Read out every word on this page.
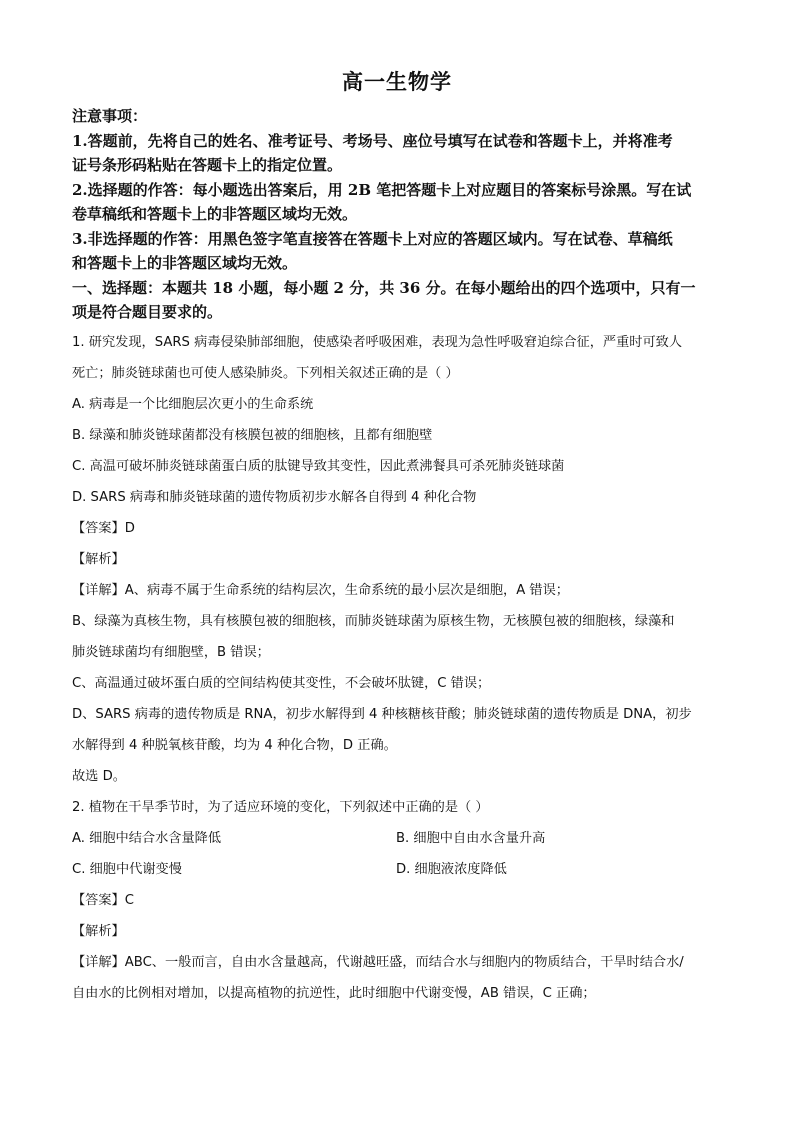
高一生物学

注意事项：

1.答题前，先将自己的姓名、准考证号、考场号、座位号填写在试卷和答题卡上，并将准考

证号条形码粘贴在答题卡上的指定位置。

2.选择题的作答：每小题选出答案后，用 2B 笔把答题卡上对应题目的答案标号涂黑。写在试

卷草稿纸和答题卡上的非答题区域均无效。

3.非选择题的作答：用黑色签字笔直接答在答题卡上对应的答题区域内。写在试卷、草稿纸

和答题卡上的非答题区域均无效。

一、选择题：本题共 18 小题，每小题 2 分，共 36 分。在每小题给出的四个选项中，只有一

项是符合题目要求的。

1. 研究发现，SARS 病毒侵染肺部细胞，使感染者呼吸困难，表现为急性呼吸窘迫综合征，严重时可致人

死亡；肺炎链球菌也可使人感染肺炎。下列相关叙述正确的是（ ）

A. 病毒是一个比细胞层次更小的生命系统

B. 绿藻和肺炎链球菌都没有核膜包被的细胞核，且都有细胞壁

C. 高温可破坏肺炎链球菌蛋白质的肽键导致其变性，因此煮沸餐具可杀死肺炎链球菌

D. SARS 病毒和肺炎链球菌的遗传物质初步水解各自得到 4 种化合物

【答案】D

【解析】

【详解】A、病毒不属于生命系统的结构层次，生命系统的最小层次是细胞，A 错误；

B、绿藻为真核生物，具有核膜包被的细胞核，而肺炎链球菌为原核生物，无核膜包被的细胞核，绿藻和

肺炎链球菌均有细胞壁，B 错误；

C、高温通过破坏蛋白质的空间结构使其变性，不会破坏肽键，C 错误；

D、SARS 病毒的遗传物质是 RNA，初步水解得到 4 种核糖核苷酸；肺炎链球菌的遗传物质是 DNA，初步

水解得到 4 种脱氧核苷酸，均为 4 种化合物，D 正确。

故选 D。

2. 植物在干旱季节时，为了适应环境的变化，下列叙述中正确的是（ ）

A. 细胞中结合水含量降低	B. 细胞中自由水含量升高
C. 细胞中代谢变慢	D. 细胞液浓度降低

【答案】C

【解析】

【详解】ABC、一般而言，自由水含量越高，代谢越旺盛，而结合水与细胞内的物质结合，干旱时结合水/

自由水的比例相对增加，以提高植物的抗逆性，此时细胞中代谢变慢，AB 错误，C 正确；
